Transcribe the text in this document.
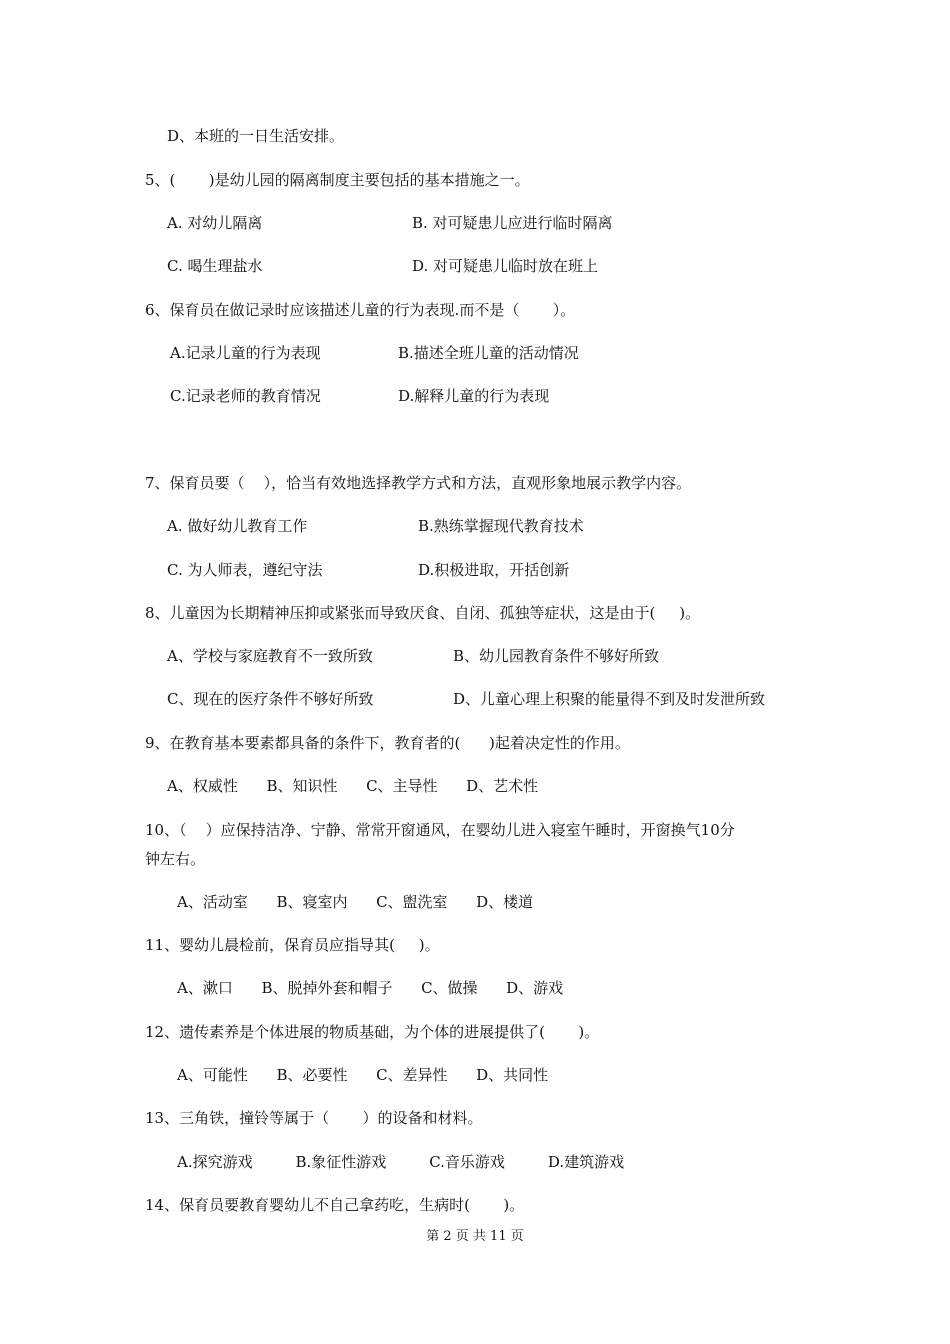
D、本班的一日生活安排。

5、(       )是幼儿园的隔离制度主要包括的基本措施之一。

A. 对幼儿隔离	B. 对可疑患儿应进行临时隔离

C. 喝生理盐水	D. 对可疑患儿临时放在班上

6、保育员在做记录时应该描述儿童的行为表现.而不是（       ）。

A.记录儿童的行为表现	B.描述全班儿童的活动情况

C.记录老师的教育情况	D.解释儿童的行为表现

7、保育员要（    ），恰当有效地选择教学方式和方法，直观形象地展示教学内容。

A. 做好幼儿教育工作	B.熟练掌握现代教育技术

C. 为人师表，遵纪守法	D.积极进取，开括创新

8、儿童因为长期精神压抑或紧张而导致厌食、自闭、孤独等症状，这是由于(     )。

A、学校与家庭教育不一致所致	B、幼儿园教育条件不够好所致

C、现在的医疗条件不够好所致	D、儿童心理上积聚的能量得不到及时发泄所致

9、在教育基本要素都具备的条件下，教育者的(      )起着决定性的作用。

A、权威性      B、知识性      C、主导性      D、艺术性

10、（    ）应保持洁净、宁静、常常开窗通风，在婴幼儿进入寝室午睡时，开窗换气10分

钟左右。

A、活动室      B、寝室内      C、盥洗室      D、楼道

11、婴幼儿晨检前，保育员应指导其(     )。

A、漱口      B、脱掉外套和帽子      C、做操      D、游戏

12、遗传素养是个体进展的物质基础，为个体的进展提供了(       )。

A、可能性      B、必要性      C、差异性      D、共同性

13、三角铁，撞铃等属于（       ）的设备和材料。

A.探究游戏         B.象征性游戏         C.音乐游戏         D.建筑游戏

14、保育员要教育婴幼儿不自己拿药吃，生病时(       )。

第 2 页 共 11 页
